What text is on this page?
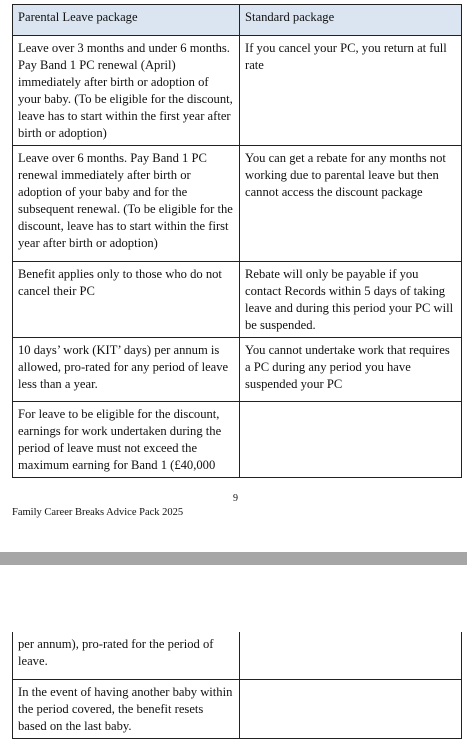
Parental Leave package	Standard package
Leave over 3 months and under 6 months. Pay Band 1 PC renewal (April) immediately after birth or adoption of your baby. (To be eligible for the discount, leave has to start within the first year after birth or adoption)	If you cancel your PC, you return at full rate
Leave over 6 months. Pay Band 1 PC renewal immediately after birth or adoption of your baby and for the subsequent renewal. (To be eligible for the discount, leave has to start within the first year after birth or adoption)	You can get a rebate for any months not working due to parental leave but then cannot access the discount package
Benefit applies only to those who do not cancel their PC	Rebate will only be payable if you contact Records within 5 days of taking leave and during this period your PC will be suspended.
10 days’ work (KIT’ days) per annum is allowed, pro-rated for any period of leave less than a year.	You cannot undertake work that requires a PC during any period you have suspended your PC
For leave to be eligible for the discount, earnings for work undertaken during the period of leave must not exceed the maximum earning for Band 1 (£40,000	
9
Family Career Breaks Advice Pack 2025
per annum), pro-rated for the period of leave.	
In the event of having another baby within the period covered, the benefit resets based on the last baby.	
